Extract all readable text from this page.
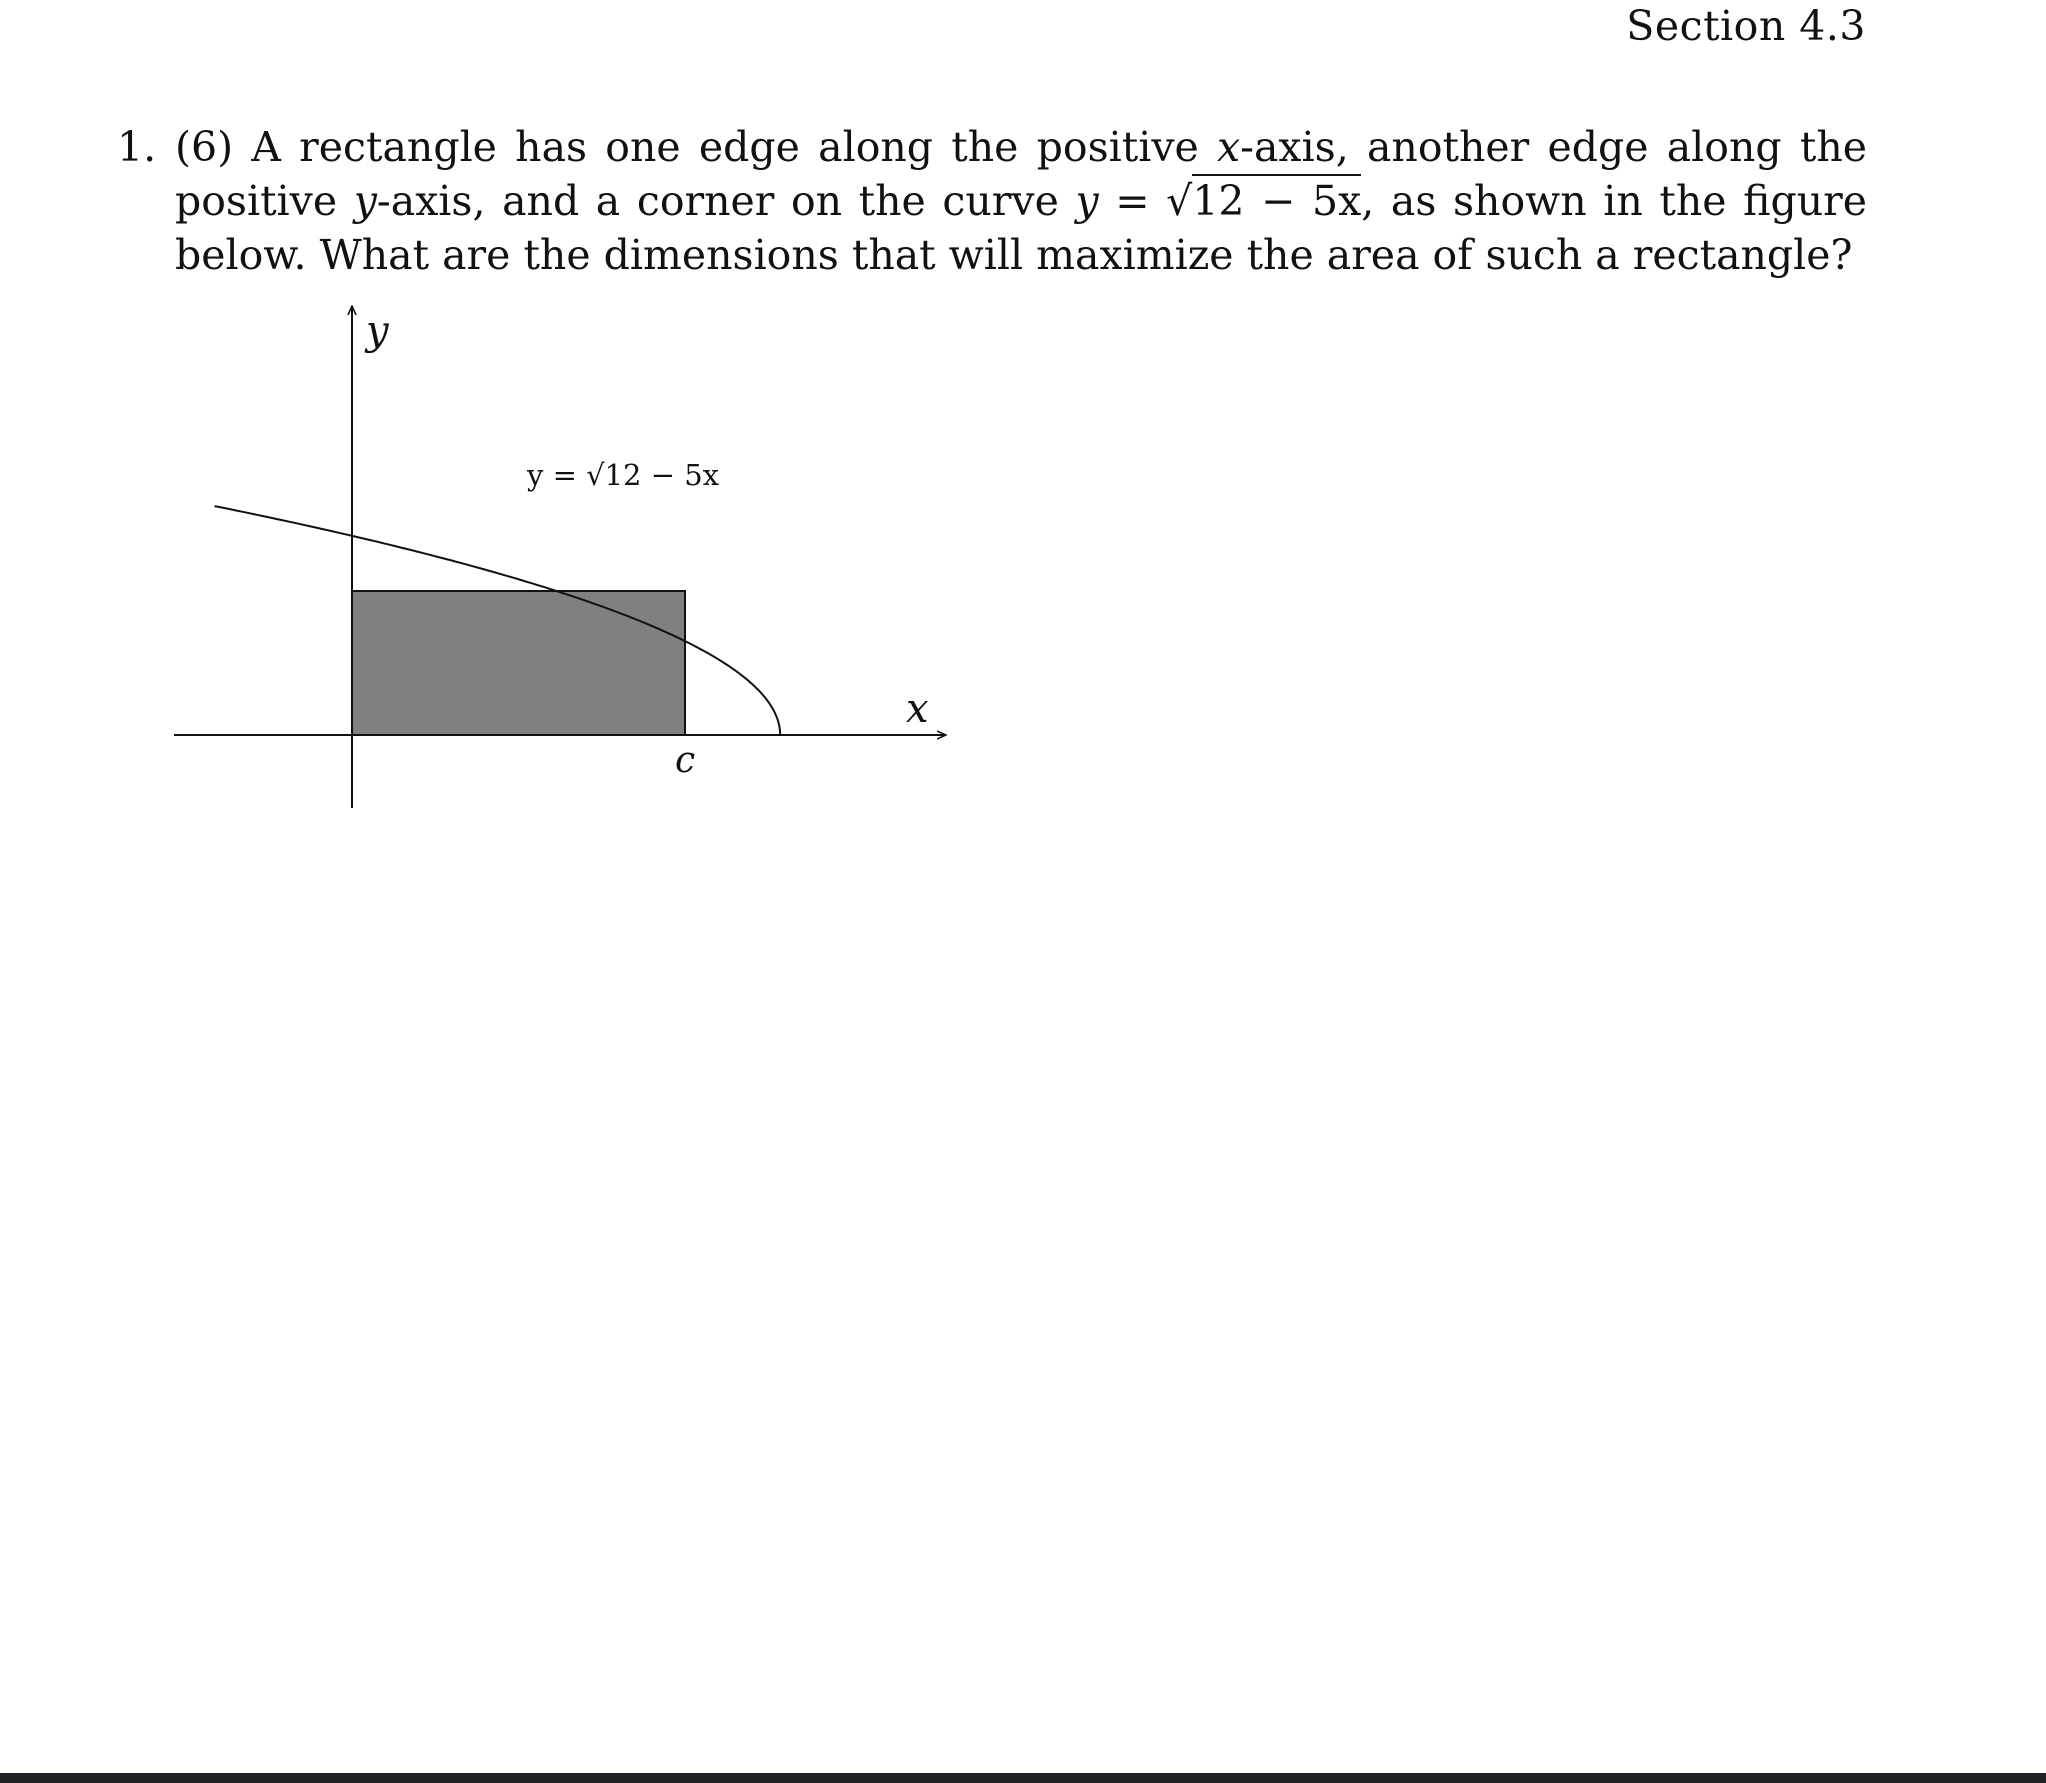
Section 4.3
1. (6) A rectangle has one edge along the positive x-axis, another edge along the positive y-axis, and a corner on the curve y = √12 − 5x, as shown in the figure below. What are the dimensions that will maximize the area of such a rectangle?
y
x
c
y = √12 − 5x
